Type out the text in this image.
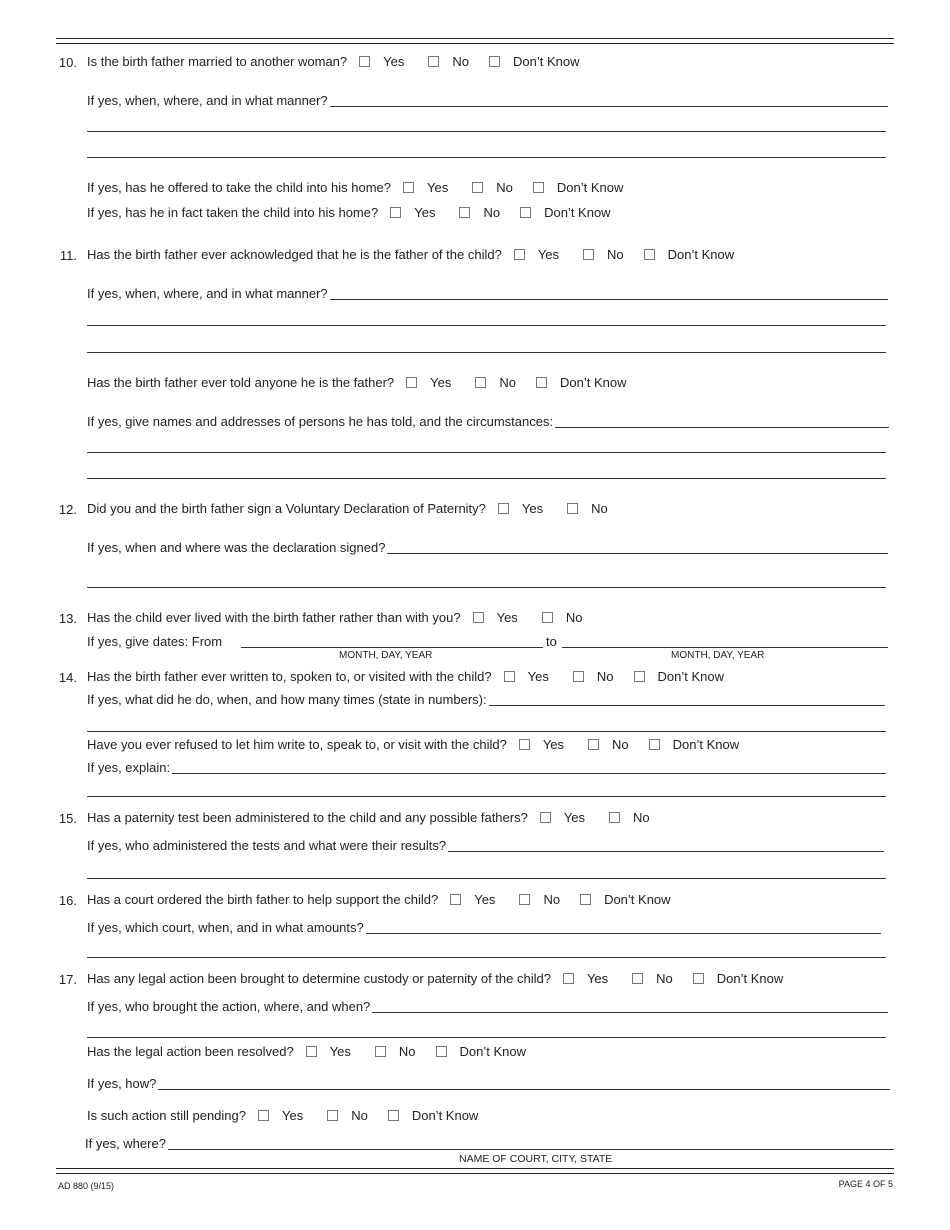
10. Is the birth father married to another woman?	Yes	No	Don’t Know
If yes, when, where, and in what manner?
If yes, has he offered to take the child into his home?	Yes	No	Don’t Know
If yes, has he in fact taken the child into his home?	Yes	No	Don’t Know
11. Has the birth father ever acknowledged that he is the father of the child?	Yes	No	Don’t Know
If yes, when, where, and in what manner?
Has the birth father ever told anyone he is the father?	Yes	No	Don’t Know
If yes, give names and addresses of persons he has told, and the circumstances:
12. Did you and the birth father sign a Voluntary Declaration of Paternity?	Yes	No
If yes, when and where was the declaration signed?
13. Has the child ever lived with the birth father rather than with you?	Yes	No
If yes, give dates: From	to
MONTH, DAY, YEAR	MONTH, DAY, YEAR
14. Has the birth father ever written to, spoken to, or visited with the child?	Yes	No	Don’t Know
If yes, what did he do, when, and how many times (state in numbers):
Have you ever refused to let him write to, speak to, or visit with the child?	Yes	No	Don’t Know
If yes, explain:
15. Has a paternity test been administered to the child and any possible fathers?	Yes	No
If yes, who administered the tests and what were their results?
16. Has a court ordered the birth father to help support the child?	Yes	No	Don’t Know
If yes, which court, when, and in what amounts?
17. Has any legal action been brought to determine custody or paternity of the child?	Yes	No	Don’t Know
If yes, who brought the action, where, and when?
Has the legal action been resolved?	Yes	No	Don’t Know
If yes, how?
Is such action still pending?	Yes	No	Don’t Know
If yes, where?
NAME OF COURT, CITY, STATE
AD 880 (9/15)	PAGE 4 OF 5
